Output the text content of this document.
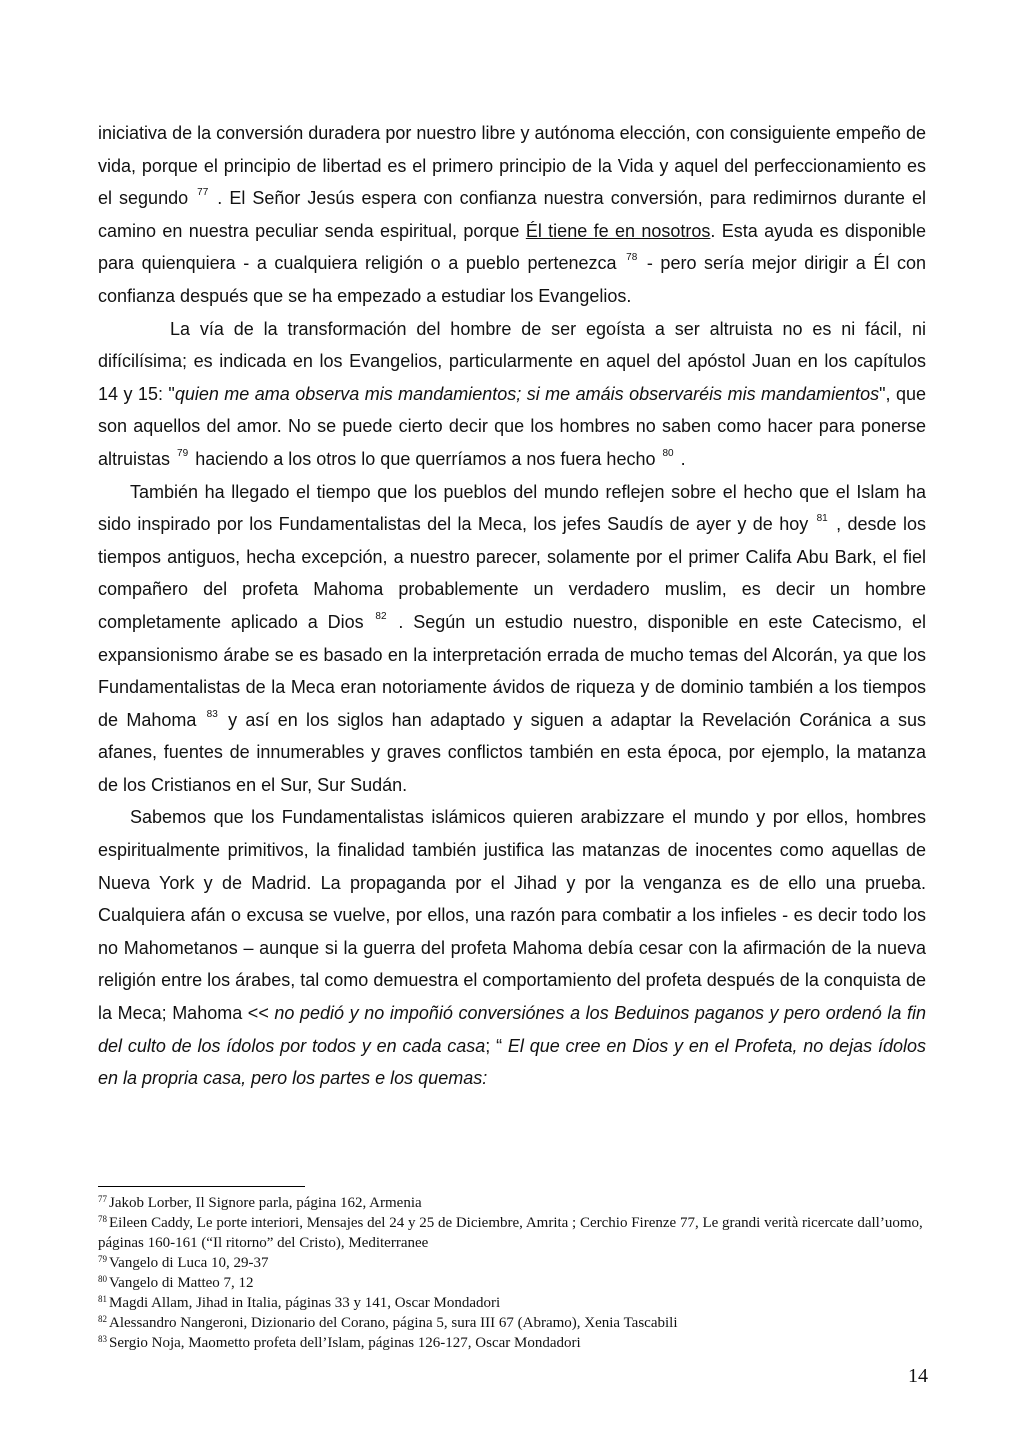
iniciativa de la conversión duradera por nuestro libre y autónoma elección, con consiguiente empeño de vida, porque el principio de libertad es el primero principio de la Vida y aquel del perfeccionamiento es el segundo $^{77}$ . El Señor Jesús espera con confianza nuestra conversión, para redimirnos durante el camino en nuestra peculiar senda espiritual, porque Él tiene fe en nosotros. Esta ayuda es disponible para quienquiera - a cualquiera religión o a pueblo pertenezca $^{78}$ - pero sería mejor dirigir a Él con confianza después que se ha empezado a estudiar los Evangelios.

La vía de la transformación del hombre de ser egoísta a ser altruista no es ni fácil, ni difícilísima; es indicada en los Evangelios, particularmente en aquel del apóstol Juan en los capítulos 14 y 15: "quien me ama observa mis mandamientos; si me amáis observaréis mis mandamientos", que son aquellos del amor. No se puede cierto decir que los hombres no saben como hacer para ponerse altruistas $^{79}$ haciendo a los otros lo que querríamos a nos fuera hecho $^{80}$ .

También ha llegado el tiempo que los pueblos del mundo reflejen sobre el hecho que el Islam ha sido inspirado por los Fundamentalistas del la Meca, los jefes Saudís de ayer y de hoy $^{81}$ , desde los tiempos antiguos, hecha excepción, a nuestro parecer, solamente por el primer Califa Abu Bark, el fiel compañero del profeta Mahoma probablemente un verdadero muslim, es decir un hombre completamente aplicado a Dios $^{82}$ . Según un estudio nuestro, disponible en este Catecismo, el expansionismo árabe se es basado en la interpretación errada de mucho temas del Alcorán, ya que los Fundamentalistas de la Meca eran notoriamente ávidos de riqueza y de dominio también a los tiempos de Mahoma $^{83}$ y así en los siglos han adaptado y siguen a adaptar la Revelación Coránica a sus afanes, fuentes de innumerables y graves conflictos también en esta época, por ejemplo, la matanza de los Cristianos en el Sur, Sur Sudán.

Sabemos que los Fundamentalistas islámicos quieren arabizzare el mundo y por ellos, hombres espiritualmente primitivos, la finalidad también justifica las matanzas de inocentes como aquellas de Nueva York y de Madrid. La propaganda por el Jihad y por la venganza es de ello una prueba. Cualquiera afán o excusa se vuelve, por ellos, una razón para combatir a los infieles - es decir todo los no Mahometanos – aunque si la guerra del profeta Mahoma debía cesar con la afirmación de la nueva religión entre los árabes, tal como demuestra el comportamiento del profeta después de la conquista de la Meca; Mahoma << no pedió y no impoñió conversiónes a los Beduinos paganos y pero ordenó la fin del culto de los ídolos por todos y en cada casa; “ El que cree en Dios y en el Profeta, no dejas ídolos en la propria casa, pero los partes e los quemas:

$^{77}$ Jakob Lorber, Il Signore parla, página 162, Armenia
$^{78}$ Eileen Caddy, Le porte interiori, Mensajes del 24 y 25 de Diciembre, Amrita ; Cerchio Firenze 77, Le grandi verità ricercate dall’uomo, páginas 160-161 (“Il ritorno” del Cristo), Mediterranee
$^{79}$ Vangelo di Luca 10, 29-37
$^{80}$ Vangelo di Matteo 7, 12
$^{81}$ Magdi Allam, Jihad in Italia, páginas 33 y 141, Oscar Mondadori
$^{82}$ Alessandro Nangeroni, Dizionario del Corano, página 5, sura III 67 (Abramo), Xenia Tascabili
$^{83}$ Sergio Noja, Maometto profeta dell’Islam, páginas 126-127, Oscar Mondadori
14
